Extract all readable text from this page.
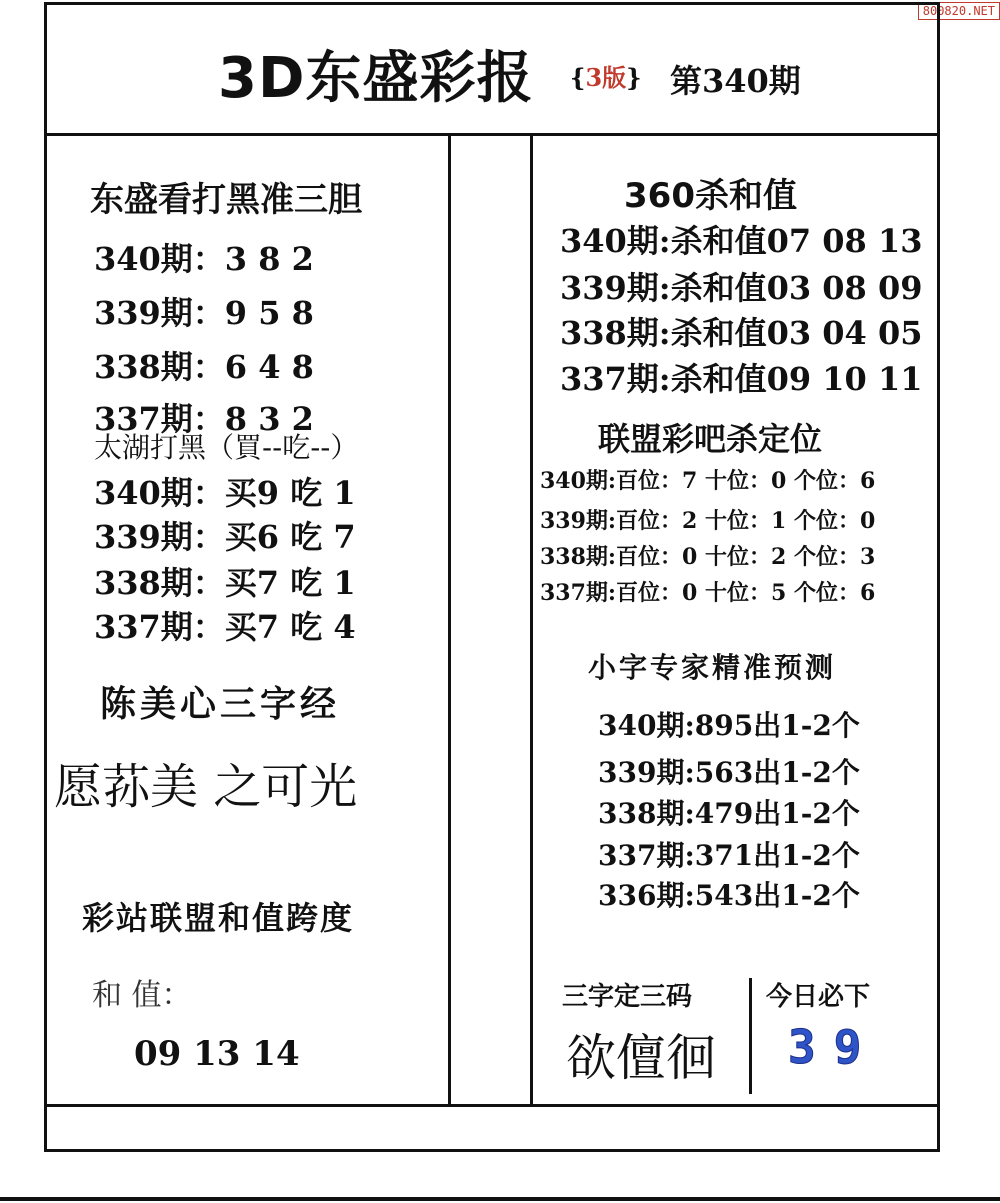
800820.NET
3D东盛彩报 {3版} 第340期
东盛看打黑准三胆
340期：3 8 2
339期：9 5 8
338期：6 4 8
337期：8 3 2
太湖打黑（買--吃--）
340期：买9 吃 1
339期：买6 吃 7
338期：买7 吃 1
337期：买7 吃 4
陈美心三字经
愿荪美 之可光
彩站联盟和值跨度
和 值：
09 13 14
360杀和值
340期:杀和值07 08 13
339期:杀和值03 08 09
338期:杀和值03 04 05
337期:杀和值09 10 11
联盟彩吧杀定位
340期:百位：7 十位：0 个位：6
339期:百位：2 十位：1 个位：0
338期:百位：0 十位：2 个位：3
337期:百位：0 十位：5 个位：6
小字专家精准预测
340期:895出1-2个
339期:563出1-2个
338期:479出1-2个
337期:371出1-2个
336期:543出1-2个
三字定三码
欲儃徊
今日必下
39
